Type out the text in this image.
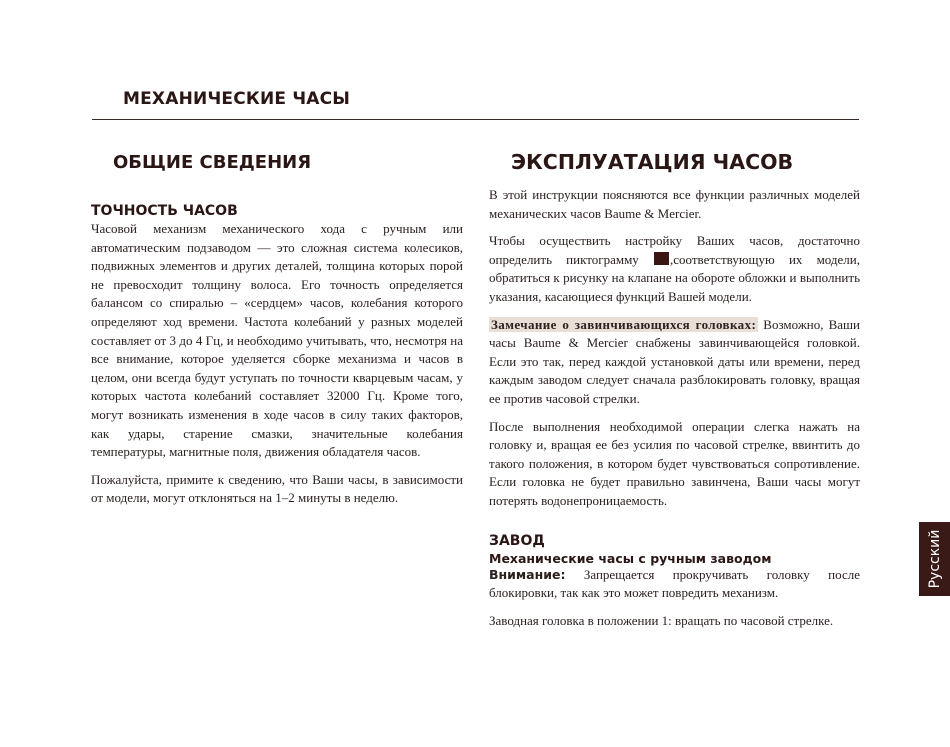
МЕХАНИЧЕСКИЕ ЧАСЫ
ОБЩИЕ СВЕДЕНИЯ
ТОЧНОСТЬ ЧАСОВ

Часовой механизм механического хода с ручным или автоматическим подзаводом — это сложная система колесиков, подвижных элементов и других деталей, толщина которых порой не превосходит толщину волоса. Его точность определяется балансом со спиралью – «сердцем» часов, колебания которого определяют ход времени. Частота колебаний у разных моделей составляет от 3 до 4 Гц, и необходимо учитывать, что, несмотря на все внимание, которое уделяется сборке механизма и часов в целом, они всегда будут уступать по точности кварцевым часам, у которых частота колебаний составляет 32000 Гц. Кроме того, могут возникать изменения в ходе часов в силу таких факторов, как удары, старение смазки, значительные колебания температуры, магнитные поля, движения обладателя часов.

Пожалуйста, примите к сведению, что Ваши часы, в зависимости от модели, могут отклоняться на 1–2 минуты в неделю.

ЭКСПЛУАТАЦИЯ ЧАСОВ

В этой инструкции поясняются все функции различных моделей механических часов Baume & Mercier.

Чтобы осуществить настройку Ваших часов, достаточно определить пиктограмму ,соответствующую их модели, обратиться к рисунку на клапане на обороте обложки и выполнить указания, касающиеся функций Вашей модели.

Замечание о завинчивающихся головках: Возможно, Ваши часы Baume & Mercier снабжены завинчивающейся головкой. Если это так, перед каждой установкой даты или времени, перед каждым заводом следует сначала разблокировать головку, вращая ее против часовой стрелки.

После выполнения необходимой операции слегка нажать на головку и, вращая ее без усилия по часовой стрелке, ввинтить до такого положения, в котором будет чувствоваться сопротивление. Если головка не будет правильно завинчена, Ваши часы могут потерять водонепроницаемость.

ЗАВОД
Механические часы с ручным заводом

Внимание: Запрещается прокручивать головку после блокировки, так как это может повредить механизм.

Заводная головка в положении 1: вращать по часовой стрелке.

Русский
